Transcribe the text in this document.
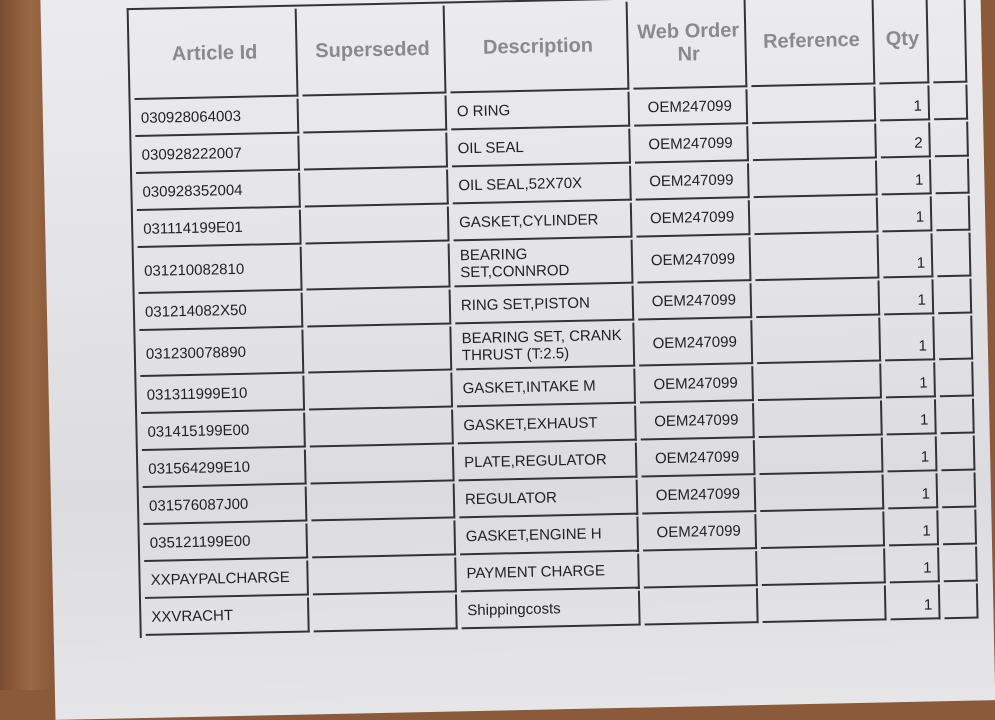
Article Id	Superseded	Description	Web Order Nr	Reference	Qty	
030928064003		O RING	OEM247099		1	
030928222007		OIL SEAL	OEM247099		2	
030928352004		OIL SEAL,52X70X	OEM247099		1	
031114199E01		GASKET,CYLINDER	OEM247099		1	
031210082810		BEARING SET,CONNROD	OEM247099		1	
031214082X50		RING SET,PISTON	OEM247099		1	
031230078890		BEARING SET, CRANK THRUST (T:2.5)	OEM247099		1	
031311999E10		GASKET,INTAKE M	OEM247099		1	
031415199E00		GASKET,EXHAUST	OEM247099		1	
031564299E10		PLATE,REGULATOR	OEM247099		1	
031576087J00		REGULATOR	OEM247099		1	
035121199E00		GASKET,ENGINE H	OEM247099		1	
XXPAYPALCHARGE		PAYMENT CHARGE			1	
XXVRACHT		Shippingcosts			1	
